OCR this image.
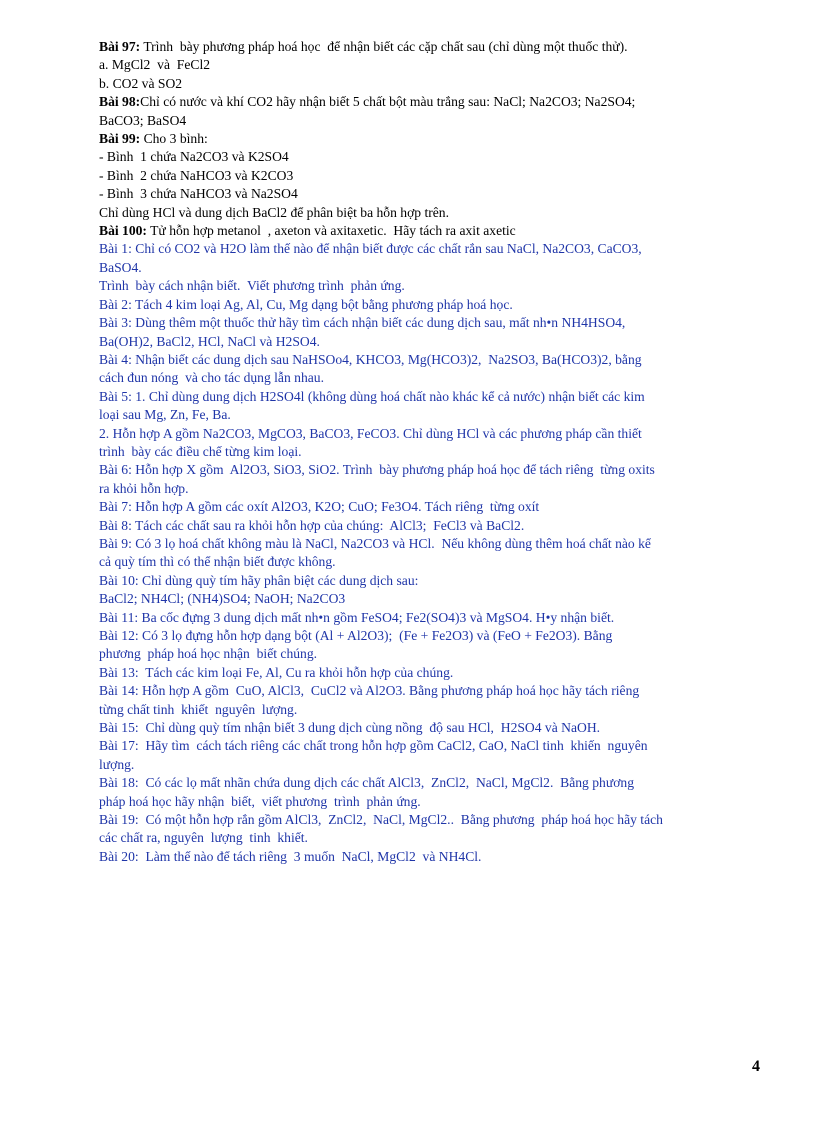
Bài 97: Trình  bày phương pháp hoá học  để nhận biết các cặp chất sau (chỉ dùng một thuốc thử).
a. MgCl2  và  FeCl2
b. CO2 và SO2
Bài 98:Chỉ có nước và khí CO2 hãy nhận biết 5 chất bột màu trắng sau: NaCl; Na2CO3; Na2SO4;
BaCO3; BaSO4
Bài 99: Cho 3 bình:
- Bình  1 chứa Na2CO3 và K2SO4
- Bình  2 chứa NaHCO3 và K2CO3
- Bình  3 chứa NaHCO3 và Na2SO4
Chỉ dùng HCl và dung dịch BaCl2 để phân biệt ba hỗn hợp trên.
Bài 100: Tử hỗn hợp metanol  , axeton và axitaxetic.  Hãy tách ra axit axetic
Bài 1: Chỉ có CO2 và H2O làm thế nào để nhận biết được các chất rắn sau NaCl, Na2CO3, CaCO3,
BaSO4.
Trình  bày cách nhận biết.  Viết phương trình  phản ứng.
Bài 2: Tách 4 kim loại Ag, Al, Cu, Mg dạng bột bằng phương pháp hoá học.
Bài 3: Dùng thêm một thuốc thử hãy tìm cách nhận biết các dung dịch sau, mất nh•n NH4HSO4,
Ba(OH)2, BaCl2, HCl, NaCl và H2SO4.
Bài 4: Nhận biết các dung dịch sau NaHSOo4, KHCO3, Mg(HCO3)2,  Na2SO3, Ba(HCO3)2, bằng
cách đun nóng  và cho tác dụng lẫn nhau.
Bài 5: 1. Chỉ dùng dung dịch H2SO4l (không dùng hoá chất nào khác kể cả nước) nhận biết các kim
loại sau Mg, Zn, Fe, Ba.
2. Hỗn hợp A gồm Na2CO3, MgCO3, BaCO3, FeCO3. Chỉ dùng HCl và các phương pháp cần thiết
trình  bày các điều chế từng kim loại.
Bài 6: Hỗn hợp X gồm  Al2O3, SiO3, SiO2. Trình  bày phương pháp hoá học để tách riêng  từng oxits
ra khỏi hỗn hợp.
Bài 7: Hỗn hợp A gồm các oxít Al2O3, K2O; CuO; Fe3O4. Tách riêng  từng oxít
Bài 8: Tách các chất sau ra khỏi hỗn hợp của chúng:  AlCl3;  FeCl3 và BaCl2.
Bài 9: Có 3 lọ hoá chất không màu là NaCl, Na2CO3 và HCl.  Nếu không dùng thêm hoá chất nào kể
cả quỳ tím thì có thể nhận biết được không.
Bài 10: Chỉ dùng quỳ tím hãy phân biệt các dung dịch sau:
BaCl2; NH4Cl; (NH4)SO4; NaOH; Na2CO3
Bài 11: Ba cốc đựng 3 dung dịch mất nh•n gồm FeSO4; Fe2(SO4)3 và MgSO4. H•y nhận biết.
Bài 12: Có 3 lọ đựng hỗn hợp dạng bột (Al + Al2O3);  (Fe + Fe2O3) và (FeO + Fe2O3). Bằng
phương  pháp hoá học nhận  biết chúng.
Bài 13:  Tách các kim loại Fe, Al, Cu ra khỏi hỗn hợp của chúng.
Bài 14: Hỗn hợp A gồm  CuO, AlCl3,  CuCl2 và Al2O3. Bằng phương pháp hoá học hãy tách riêng
từng chất tinh  khiết  nguyên  lượng.
Bài 15:  Chỉ dùng quỳ tím nhận biết 3 dung dịch cùng nồng  độ sau HCl,  H2SO4 và NaOH.
Bài 17:  Hãy tìm  cách tách riêng các chất trong hỗn hợp gồm CaCl2, CaO, NaCl tinh  khiến  nguyên
lượng.
Bài 18:  Có các lọ mất nhãn chứa dung dịch các chất AlCl3,  ZnCl2,  NaCl, MgCl2.  Bằng phương
pháp hoá học hãy nhận  biết,  viết phương  trình  phản ứng.
Bài 19:  Có một hỗn hợp rắn gồm AlCl3,  ZnCl2,  NaCl, MgCl2..  Bằng phương  pháp hoá học hãy tách
các chất ra, nguyên  lượng  tinh  khiết.
Bài 20:  Làm thế nào để tách riêng  3 muốn  NaCl, MgCl2  và NH4Cl.
4
